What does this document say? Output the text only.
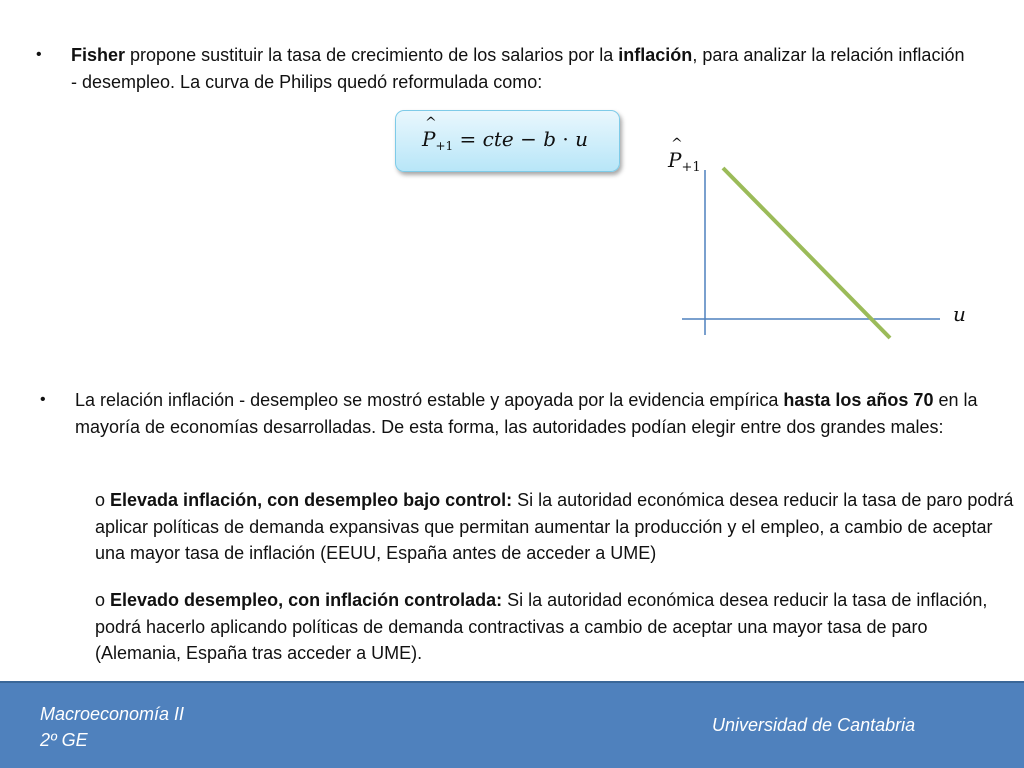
• Fisher propone sustituir la tasa de crecimiento de los salarios por la inflación, para analizar la relación inflación - desempleo. La curva de Philips quedó reformulada como:
^ $P_{+1}$ = cte − b · u
^ $P_{+1}$
u
• La relación inflación - desempleo se mostró estable y apoyada por la evidencia empírica hasta los años 70 en la mayoría de economías desarrolladas. De esta forma, las autoridades podían elegir entre dos grandes males:
o Elevada inflación, con desempleo bajo control: Si la autoridad económica desea reducir la tasa de paro podrá aplicar políticas de demanda expansivas que permitan aumentar la producción y el empleo, a cambio de aceptar una mayor tasa de inflación (EEUU, España antes de acceder a UME)
o Elevado desempleo, con inflación controlada: Si la autoridad económica desea reducir la tasa de inflación, podrá hacerlo aplicando políticas de demanda contractivas a cambio de aceptar una mayor tasa de paro (Alemania, España tras acceder a UME).
Macroeconomía II
2º GE
Universidad de Cantabria
